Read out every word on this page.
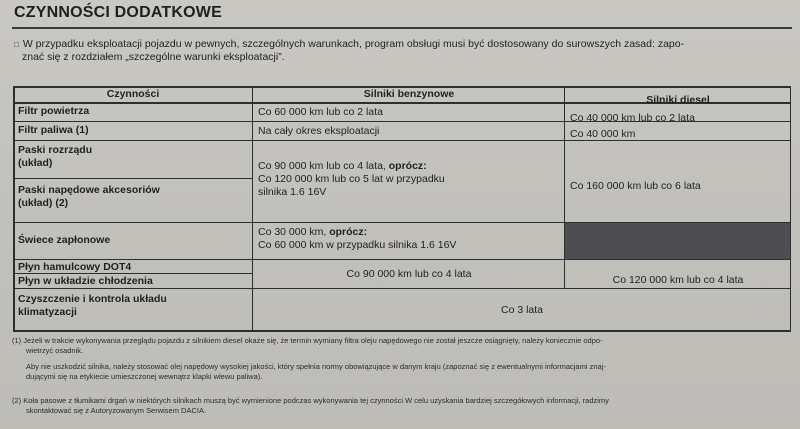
CZYNNOŚCI DODATKOWE
□ W przypadku eksploatacji pojazdu w pewnych, szczególnych warunkach, program obsługi musi być dostosowany do surowszych zasad: zapo-
znać się z rozdziałem „szczególne warunki eksploatacji”.
Czynności	Silniki benzynowe	Silniki diesel
Filtr powietrza
Filtr paliwa (1)
Paski rozrządu
(układ)
Paski napędowe akcesoriów
(układ) (2)
Świece zapłonowe
Płyn hamulcowy DOT4
Płyn w układzie chłodzenia
Czyszczenie i kontrola układu
klimatyzacji
Co 60 000 km lub co 2 lata
Na cały okres eksploatacji
Co 90 000 km lub co 4 lata, oprócz:
Co 120 000 km lub co 5 lat w przypadku
silnika 1.6 16V
Co 30 000 km, oprócz:
Co 60 000 km w przypadku silnika 1.6 16V
Co 90 000 km lub co 4 lata
Co 40 000 km lub co 2 lata
Co 40 000 km
Co 160 000 km lub co 6 lata
Co 120 000 km lub co 4 lata
Co 3 lata
(1) Jeżeli w trakcie wykonywania przeglądu pojazdu z silnikiem diesel okaże się, że termin wymiany filtra oleju napędowego nie został jeszcze osiągnięty, należy koniecznie odpo-
wietrzyć osadnik.
Aby nie uszkodzić silnika, należy stosować olej napędowy wysokiej jakości, który spełnia normy obowiązujące w danym kraju (zapoznać się z ewentualnymi informacjami znaj-
dującymi się na etykiecie umieszczonej wewnątrz klapki wlewu paliwa).
(2) Koła pasowe z tłumikami drgań w niektórych silnikach muszą być wymienione podczas wykonywania tej czynności W celu uzyskania bardziej szczegółowych informacji, radzimy
skontaktować się z Autoryzowanym Serwisem DACIA.
